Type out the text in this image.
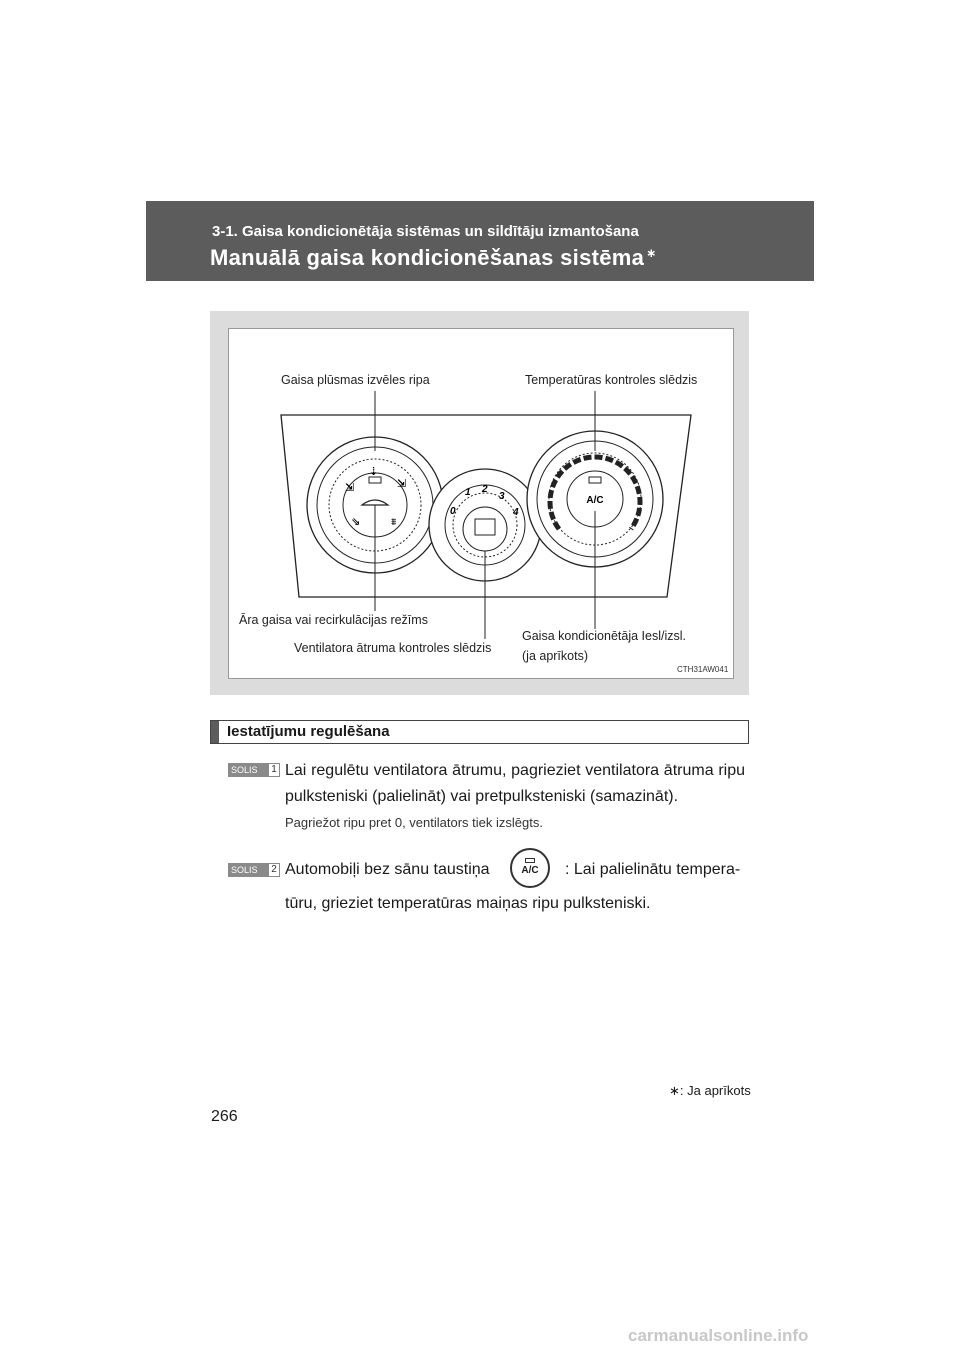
3-1. Gaisa kondicionētāja sistēmas un sildītāju izmantošana
Manuālā gaisa kondicionēšanas sistēma ∗
⇲
⇣
⇲
⇘	⩩
0
1 2
3
4
A/C
Gaisa plūsmas izvēles ripa	Temperatūras kontroles slēdzis
Āra gaisa vai recirkulācijas režīms
Ventilatora ātruma kontroles slēdzis
Gaisa kondicionētāja Iesl/izsl.
(ja aprīkots)
CTH31AW041
Iestatījumu regulēšana
SOLIS	1 Lai regulētu ventilatora ātrumu, pagrieziet ventilatora ātruma ripu pulksteniski (palielināt) vai pretpulksteniski (samazināt).
Pagriežot ripu pret 0, ventilators tiek izslēgts.
SOLIS	2 Automobiļi bez sānu taustiņa	A/C	: Lai palielinātu tempera-
tūru, grieziet temperatūras maiņas ripu pulksteniski.
∗: Ja aprīkots
266
carmanualsonline.info
